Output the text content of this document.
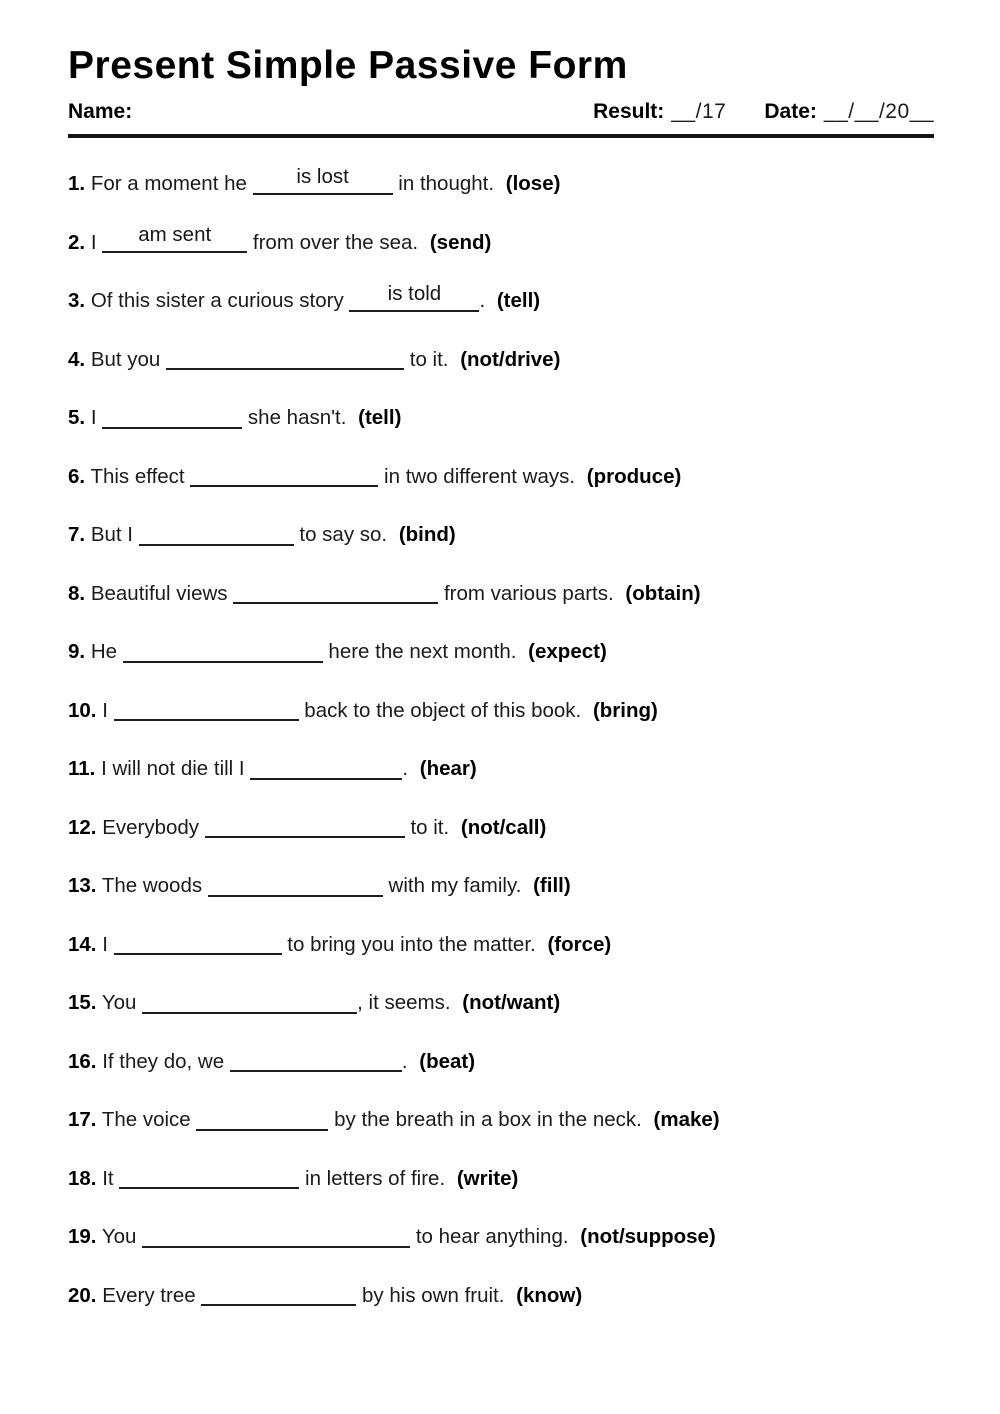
Present Simple Passive Form
Name:	Result: __/17 Date: __/__/20__
1. For a moment he	is lost	in thought. (lose)
2. I	am sent	from over the sea. (send)
3. Of this sister a curious story	is told	. (tell)
4. But you	to it. (not/drive)
5. I	she hasn't. (tell)
6. This effect	in two different ways. (produce)
7. But I	to say so. (bind)
8. Beautiful views	from various parts. (obtain)
9. He	here the next month. (expect)
10. I	back to the object of this book. (bring)
11. I will not die till I	. (hear)
12. Everybody	to it. (not/call)
13. The woods	with my family. (fill)
14. I	to bring you into the matter. (force)
15. You	, it seems. (not/want)
16. If they do, we	. (beat)
17. The voice	by the breath in a box in the neck. (make)
18. It	in letters of fire. (write)
19. You	to hear anything. (not/suppose)
20. Every tree	by his own fruit. (know)
